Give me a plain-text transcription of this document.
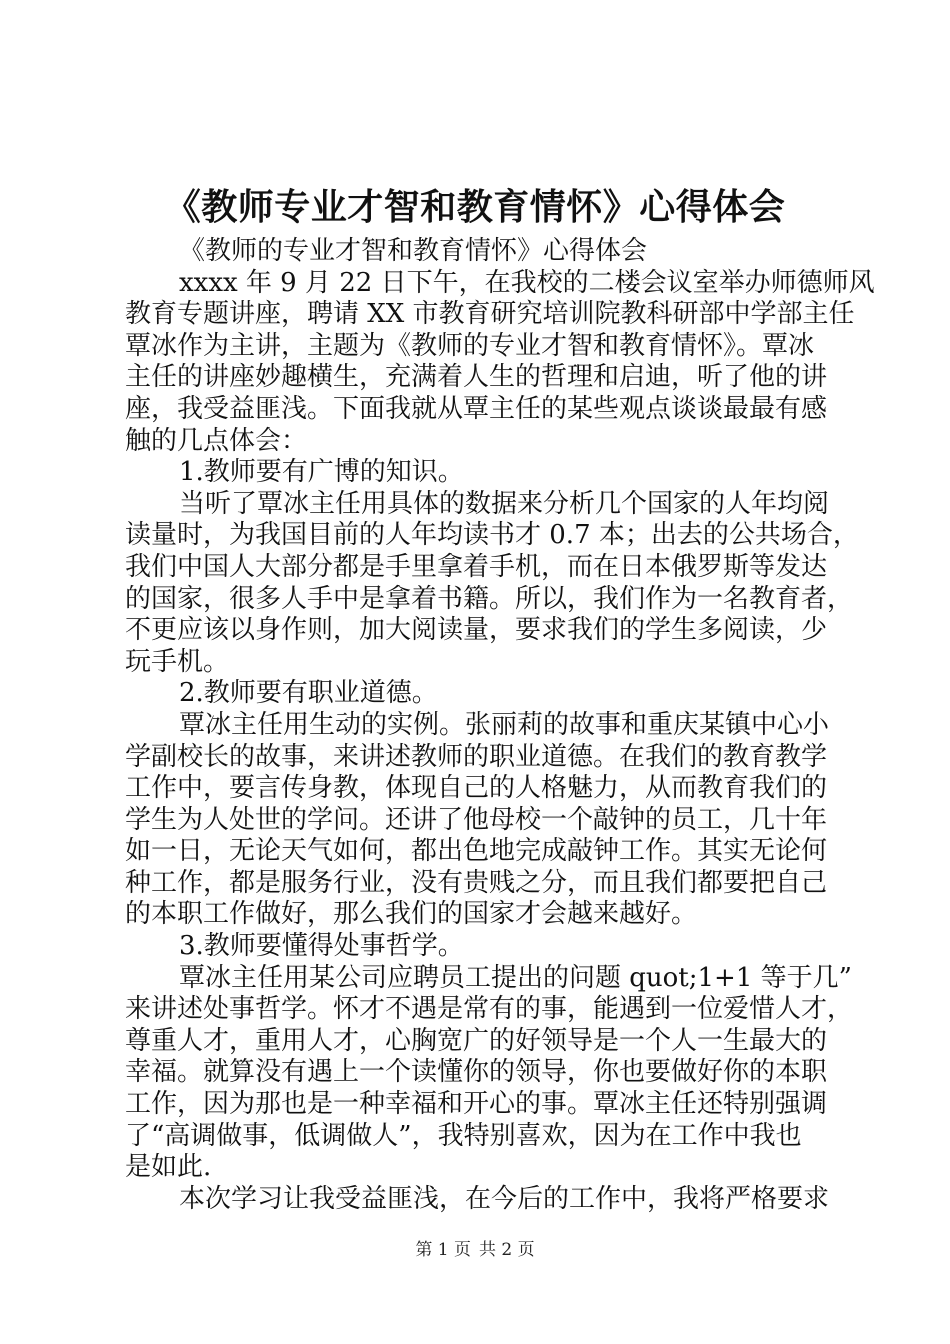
《教师专业才智和教育情怀》心得体会
《教师的专业才智和教育情怀》心得体会
xxxx 年 9 月 22 日下午，在我校的二楼会议室举办师德师风
教育专题讲座，聘请 XX 市教育研究培训院教科研部中学部主任
覃冰作为主讲，主题为《教师的专业才智和教育情怀》。覃冰
主任的讲座妙趣横生，充满着人生的哲理和启迪，听了他的讲
座，我受益匪浅。下面我就从覃主任的某些观点谈谈最最有感
触的几点体会：
1.教师要有广博的知识。
当听了覃冰主任用具体的数据来分析几个国家的人年均阅
读量时，为我国目前的人年均读书才 0.7 本；出去的公共场合，
我们中国人大部分都是手里拿着手机，而在日本俄罗斯等发达
的国家，很多人手中是拿着书籍。所以，我们作为一名教育者，
不更应该以身作则，加大阅读量，要求我们的学生多阅读，少
玩手机。
2.教师要有职业道德。
覃冰主任用生动的实例。张丽莉的故事和重庆某镇中心小
学副校长的故事，来讲述教师的职业道德。在我们的教育教学
工作中，要言传身教，体现自己的人格魅力，从而教育我们的
学生为人处世的学问。还讲了他母校一个敲钟的员工，几十年
如一日，无论天气如何，都出色地完成敲钟工作。其实无论何
种工作，都是服务行业，没有贵贱之分，而且我们都要把自己
的本职工作做好，那么我们的国家才会越来越好。
3.教师要懂得处事哲学。
覃冰主任用某公司应聘员工提出的问题 quot;1+1 等于几”
来讲述处事哲学。怀才不遇是常有的事，能遇到一位爱惜人才，
尊重人才，重用人才，心胸宽广的好领导是一个人一生最大的
幸福。就算没有遇上一个读懂你的领导，你也要做好你的本职
工作，因为那也是一种幸福和开心的事。覃冰主任还特别强调
了“高调做事，低调做人”，我特别喜欢，因为在工作中我也
是如此.
本次学习让我受益匪浅，在今后的工作中，我将严格要求
第 1 页 共 2 页
